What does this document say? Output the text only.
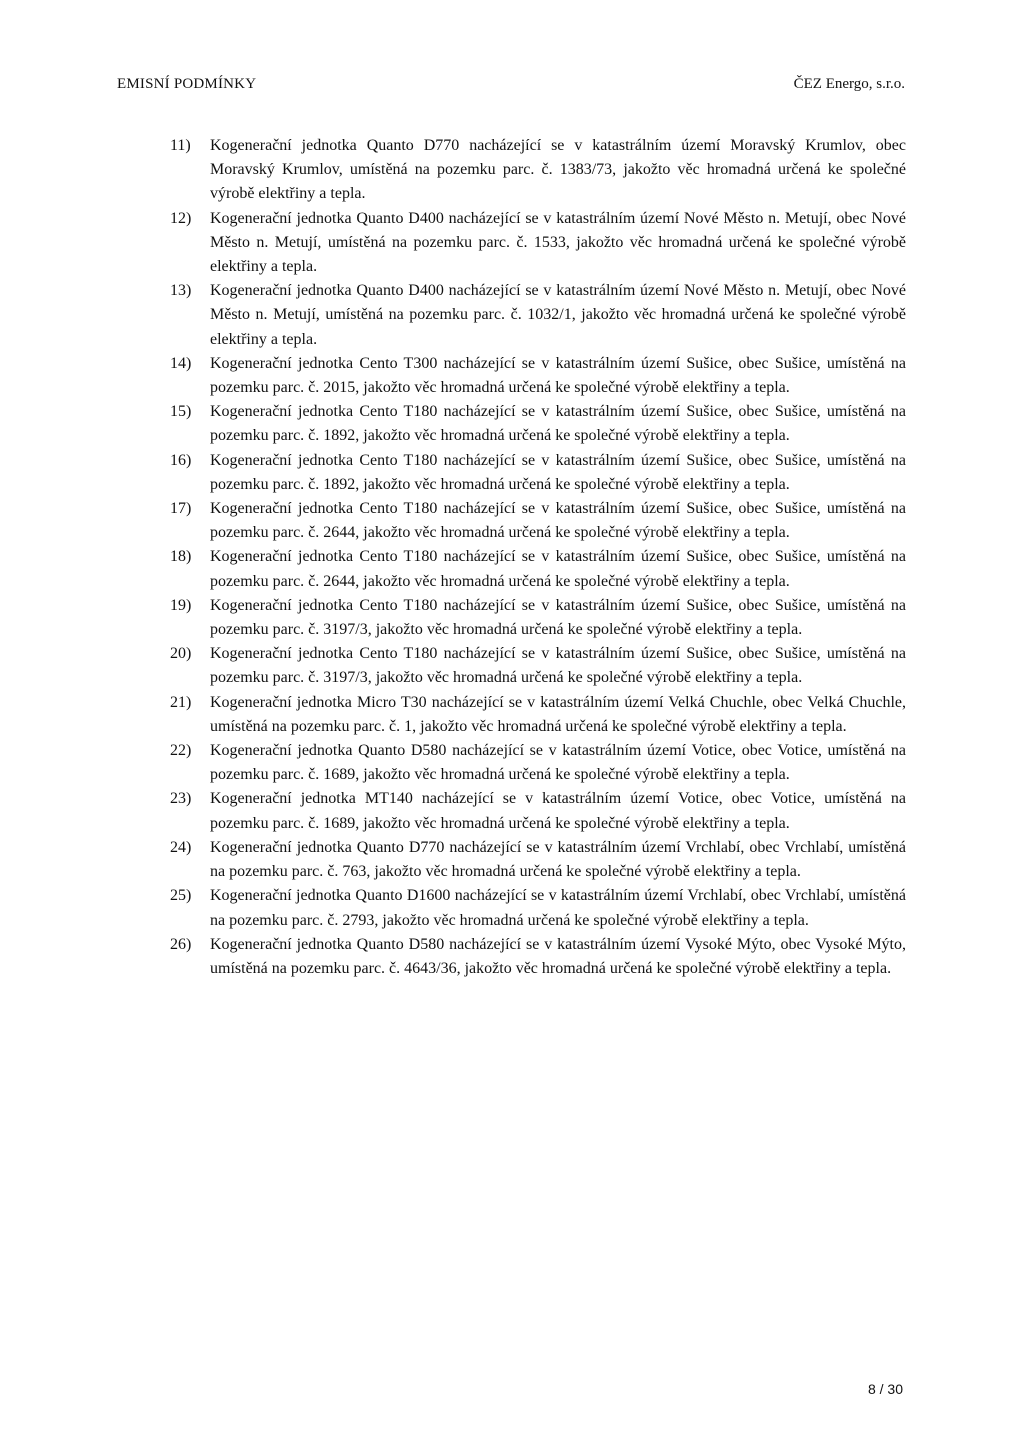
EMISNÍ PODMÍNKY	ČEZ Energo, s.r.o.
11)	Kogenerační jednotka Quanto D770 nacházející se v katastrálním území Moravský Krumlov, obec Moravský Krumlov, umístěná na pozemku parc. č. 1383/73, jakožto věc hromadná určená ke společné výrobě elektřiny a tepla.
12)	Kogenerační jednotka Quanto D400 nacházející se v katastrálním území Nové Město n. Metují, obec Nové Město n. Metují, umístěná na pozemku parc. č. 1533, jakožto věc hromadná určená ke společné výrobě elektřiny a tepla.
13)	Kogenerační jednotka Quanto D400 nacházející se v katastrálním území Nové Město n. Metují, obec Nové Město n. Metují, umístěná na pozemku parc. č. 1032/1, jakožto věc hromadná určená ke společné výrobě elektřiny a tepla.
14)	Kogenerační jednotka Cento T300 nacházející se v katastrálním území Sušice, obec Sušice, umístěná na pozemku parc. č. 2015, jakožto věc hromadná určená ke společné výrobě elektřiny a tepla.
15)	Kogenerační jednotka Cento T180 nacházející se v katastrálním území Sušice, obec Sušice, umístěná na pozemku parc. č. 1892, jakožto věc hromadná určená ke společné výrobě elektřiny a tepla.
16)	Kogenerační jednotka Cento T180 nacházející se v katastrálním území Sušice, obec Sušice, umístěná na pozemku parc. č. 1892, jakožto věc hromadná určená ke společné výrobě elektřiny a tepla.
17)	Kogenerační jednotka Cento T180 nacházející se v katastrálním území Sušice, obec Sušice, umístěná na pozemku parc. č. 2644, jakožto věc hromadná určená ke společné výrobě elektřiny a tepla.
18)	Kogenerační jednotka Cento T180 nacházející se v katastrálním území Sušice, obec Sušice, umístěná na pozemku parc. č. 2644, jakožto věc hromadná určená ke společné výrobě elektřiny a tepla.
19)	Kogenerační jednotka Cento T180 nacházející se v katastrálním území Sušice, obec Sušice, umístěná na pozemku parc. č. 3197/3, jakožto věc hromadná určená ke společné výrobě elektřiny a tepla.
20)	Kogenerační jednotka Cento T180 nacházející se v katastrálním území Sušice, obec Sušice, umístěná na pozemku parc. č. 3197/3, jakožto věc hromadná určená ke společné výrobě elektřiny a tepla.
21)	Kogenerační jednotka Micro T30 nacházející se v katastrálním území Velká Chuchle, obec Velká Chuchle, umístěná na pozemku parc. č. 1, jakožto věc hromadná určená ke společné výrobě elektřiny a tepla.
22)	Kogenerační jednotka Quanto D580 nacházející se v katastrálním území Votice, obec Votice, umístěná na pozemku parc. č. 1689, jakožto věc hromadná určená ke společné výrobě elektřiny a tepla.
23)	Kogenerační jednotka MT140 nacházející se v katastrálním území Votice, obec Votice, umístěná na pozemku parc. č. 1689, jakožto věc hromadná určená ke společné výrobě elektřiny a tepla.
24)	Kogenerační jednotka Quanto D770 nacházející se v katastrálním území Vrchlabí, obec Vrchlabí, umístěná na pozemku parc. č. 763, jakožto věc hromadná určená ke společné výrobě elektřiny a tepla.
25)	Kogenerační jednotka Quanto D1600 nacházející se v katastrálním území Vrchlabí, obec Vrchlabí, umístěná na pozemku parc. č. 2793, jakožto věc hromadná určená ke společné výrobě elektřiny a tepla.
26)	Kogenerační jednotka Quanto D580 nacházející se v katastrálním území Vysoké Mýto, obec Vysoké Mýto, umístěná na pozemku parc. č. 4643/36, jakožto věc hromadná určená ke společné výrobě elektřiny a tepla.
8 / 30
